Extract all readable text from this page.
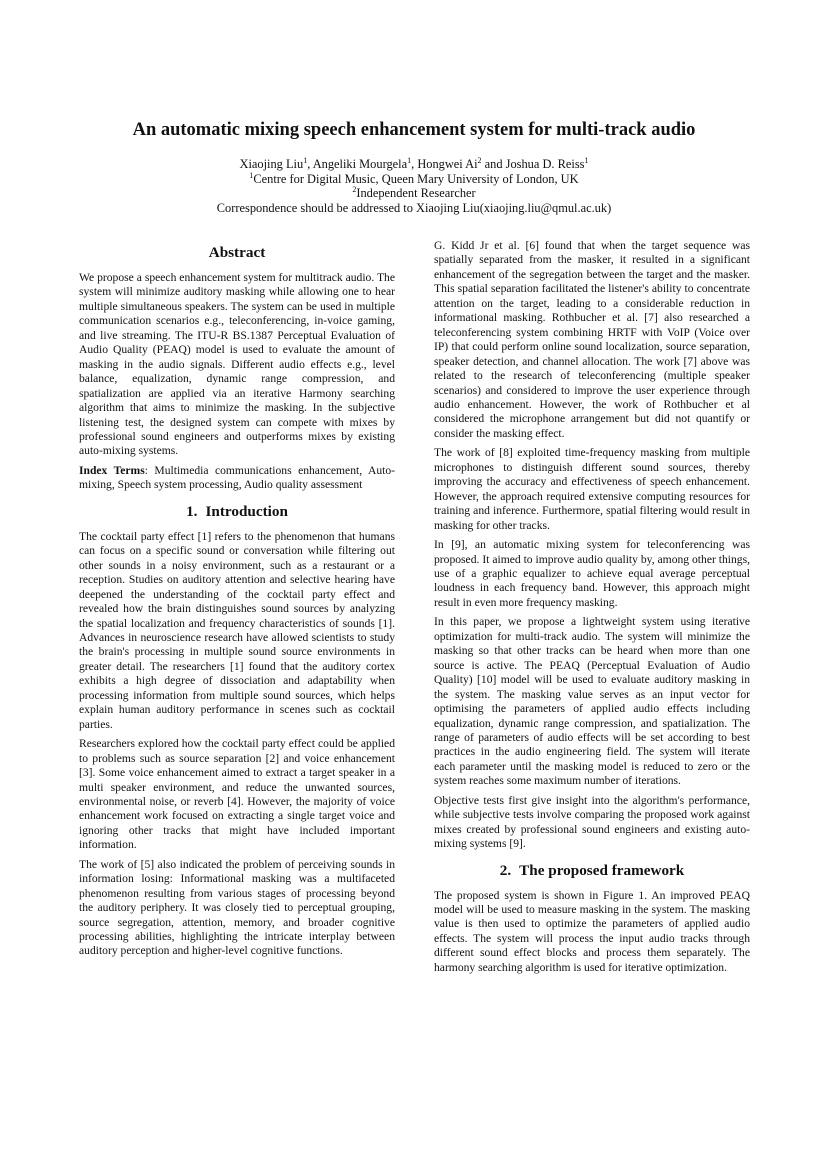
An automatic mixing speech enhancement system for multi-track audio
Xiaojing Liu$^1$, Angeliki Mourgela$^1$, Hongwei Ai$^2$ and Joshua D. Reiss$^1$
$^1$Centre for Digital Music, Queen Mary University of London, UK
$^2$Independent Researcher
Correspondence should be addressed to Xiaojing Liu(xiaojing.liu@qmul.ac.uk)
Abstract

We propose a speech enhancement system for multitrack audio. The system will minimize auditory masking while allowing one to hear multiple simultaneous speakers. The system can be used in multiple communication scenarios e.g., teleconferencing, in-voice gaming, and live streaming. The ITU-R BS.1387 Perceptual Evaluation of Audio Quality (PEAQ) model is used to evaluate the amount of masking in the audio signals. Different audio effects e.g., level balance, equalization, dynamic range compression, and spatialization are applied via an iterative Harmony searching algorithm that aims to minimize the masking. In the subjective listening test, the designed system can compete with mixes by professional sound engineers and outperforms mixes by existing auto-mixing systems.

Index Terms: Multimedia communications enhancement, Auto-mixing, Speech system processing, Audio quality assessment

1. Introduction

The cocktail party effect [1] refers to the phenomenon that humans can focus on a specific sound or conversation while filtering out other sounds in a noisy environment, such as a restaurant or a reception. Studies on auditory attention and selective hearing have deepened the understanding of the cocktail party effect and revealed how the brain distinguishes sound sources by analyzing the spatial localization and frequency characteristics of sounds [1]. Advances in neuroscience research have allowed scientists to study the brain's processing in multiple sound source environments in greater detail. The researchers [1] found that the auditory cortex exhibits a high degree of dissociation and adaptability when processing information from multiple sound sources, which helps explain human auditory performance in scenes such as cocktail parties.

Researchers explored how the cocktail party effect could be applied to problems such as source separation [2] and voice enhancement [3]. Some voice enhancement aimed to extract a target speaker in a multi speaker environment, and reduce the unwanted sources, environmental noise, or reverb [4]. However, the majority of voice enhancement work focused on extracting a single target voice and ignoring other tracks that might have included important information.

The work of [5] also indicated the problem of perceiving sounds in information losing: Informational masking was a multifaceted phenomenon resulting from various stages of processing beyond the auditory periphery. It was closely tied to perceptual grouping, source segregation, attention, memory, and broader cognitive processing abilities, highlighting the intricate interplay between auditory perception and higher-level cognitive functions.

G. Kidd Jr et al. [6] found that when the target sequence was spatially separated from the masker, it resulted in a significant enhancement of the segregation between the target and the masker. This spatial separation facilitated the listener's ability to concentrate attention on the target, leading to a considerable reduction in informational masking. Rothbucher et al. [7] also researched a teleconferencing system combining HRTF with VoIP (Voice over IP) that could perform online sound localization, source separation, speaker detection, and channel allocation. The work [7] above was related to the research of teleconferencing (multiple speaker scenarios) and considered to improve the user experience through audio enhancement. However, the work of Rothbucher et al considered the microphone arrangement but did not quantify or consider the masking effect.

The work of [8] exploited time-frequency masking from multiple microphones to distinguish different sound sources, thereby improving the accuracy and effectiveness of speech enhancement. However, the approach required extensive computing resources for training and inference. Furthermore, spatial filtering would result in masking for other tracks.

In [9], an automatic mixing system for teleconferencing was proposed. It aimed to improve audio quality by, among other things, use of a graphic equalizer to achieve equal average perceptual loudness in each frequency band. However, this approach might result in even more frequency masking.

In this paper, we propose a lightweight system using iterative optimization for multi-track audio. The system will minimize the masking so that other tracks can be heard when more than one source is active. The PEAQ (Perceptual Evaluation of Audio Quality) [10] model will be used to evaluate auditory masking in the system. The masking value serves as an input vector for optimising the parameters of applied audio effects including equalization, dynamic range compression, and spatialization. The range of parameters of audio effects will be set according to best practices in the audio engineering field. The system will iterate each parameter until the masking model is reduced to zero or the system reaches some maximum number of iterations.

Objective tests first give insight into the algorithm's performance, while subjective tests involve comparing the proposed work against mixes created by professional sound engineers and existing auto-mixing systems [9].

2. The proposed framework

The proposed system is shown in Figure 1. An improved PEAQ model will be used to measure masking in the system. The masking value is then used to optimize the parameters of applied audio effects. The system will process the input audio tracks through different sound effect blocks and process them separately. The harmony searching algorithm is used for iterative optimization.
